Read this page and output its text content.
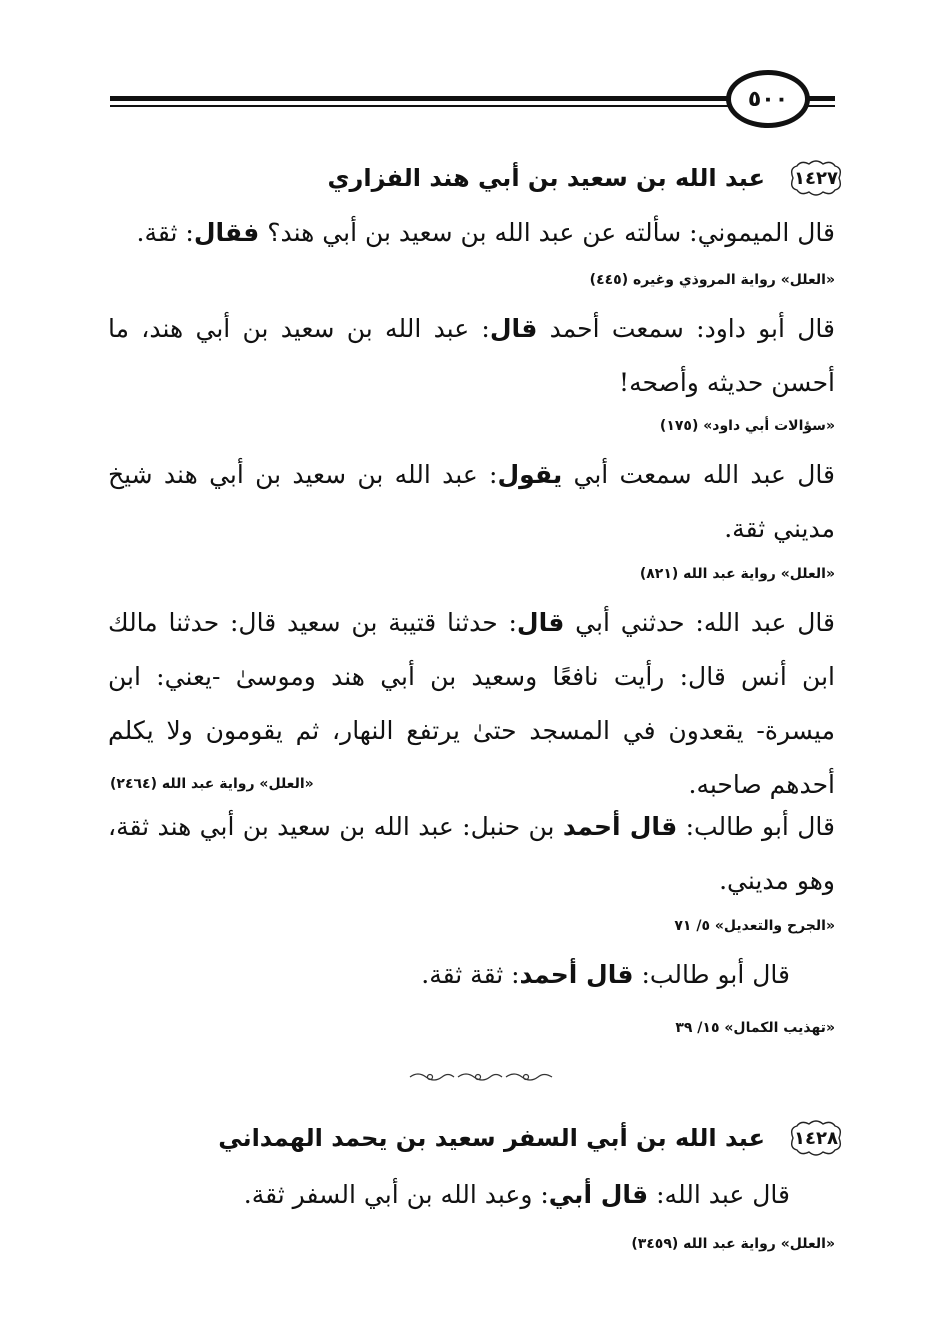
٥٠٠
١٤٢٧
عبد الله بن سعيد بن أبي هند الفزاري
قال الميموني: سألته عن عبد الله بن سعيد بن أبي هند؟ فقال: ثقة.
«العلل» رواية المروذي وغيره (٤٤٥)
قال أبو داود: سمعت أحمد قال: عبد الله بن سعيد بن أبي هند، ما أحسن حديثه وأصحه!
«سؤالات أبي داود» (١٧٥)
قال عبد الله سمعت أبي يقول: عبد الله بن سعيد بن أبي هند شيخ مديني ثقة.
«العلل» رواية عبد الله (٨٢١)
قال عبد الله: حدثني أبي قال: حدثنا قتيبة بن سعيد قال: حدثنا مالك ابن أنس قال: رأيت نافعًا وسعيد بن أبي هند وموسىٰ -يعني: ابن ميسرة- يقعدون في المسجد حتىٰ يرتفع النهار، ثم يقومون ولا يكلم أحدهم صاحبه.
«العلل» رواية عبد الله (٢٤٦٤)
قال أبو طالب: قال أحمد بن حنبل: عبد الله بن سعيد بن أبي هند ثقة، وهو مديني.
«الجرح والتعديل» ٥/ ٧١
قال أبو طالب: قال أحمد: ثقة ثقة.
«تهذيب الكمال» ١٥/ ٣٩
١٤٢٨
عبد الله بن أبي السفر سعيد بن يحمد الهمداني
قال عبد الله: قال أبي: وعبد الله بن أبي السفر ثقة.
«العلل» رواية عبد الله (٣٤٥٩)
